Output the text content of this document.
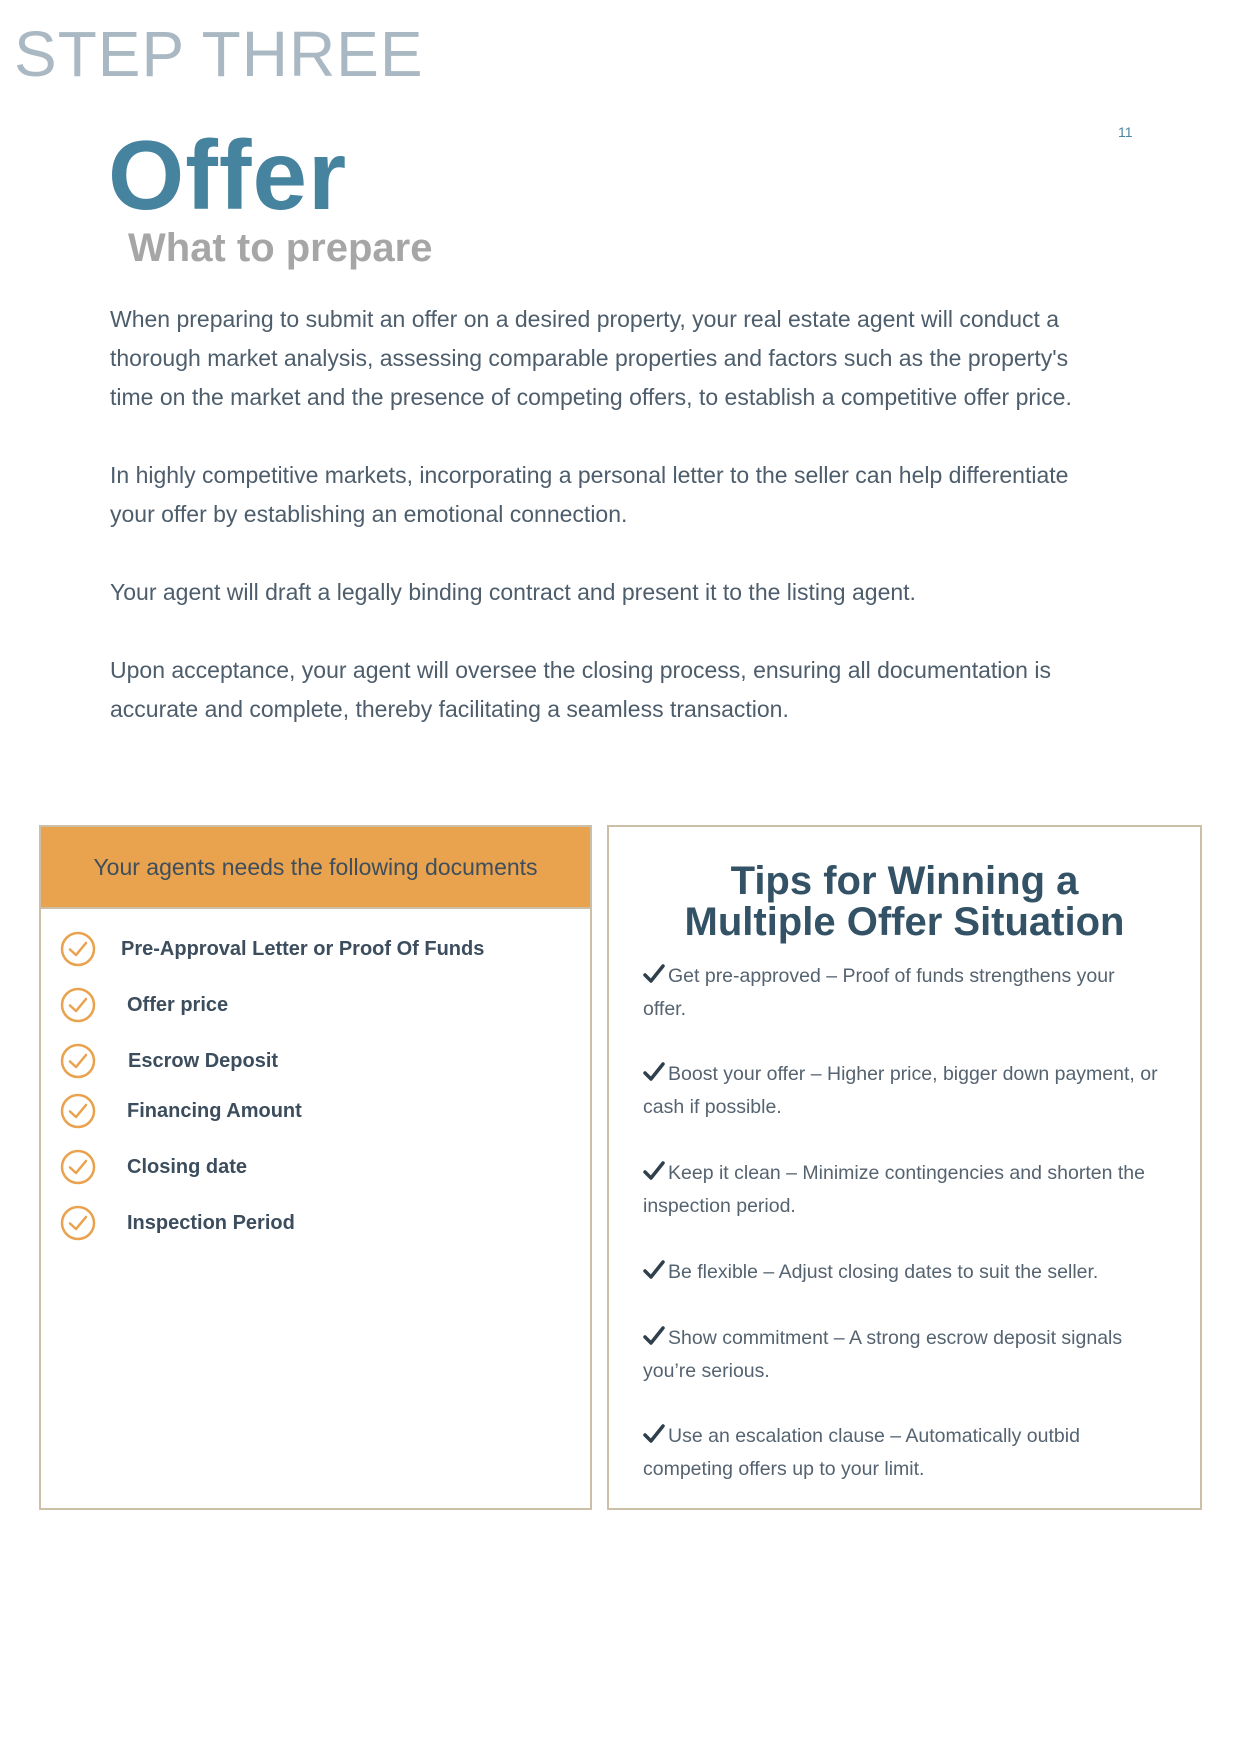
STEP THREE
11
Offer
What to prepare

When preparing to submit an offer on a desired property, your real estate agent will conduct a thorough market analysis, assessing comparable properties and factors such as the property's time on the market and the presence of competing offers, to establish a competitive offer price.

In highly competitive markets, incorporating a personal letter to the seller can help differentiate your offer by establishing an emotional connection.

Your agent will draft a legally binding contract and present it to the listing agent.

Upon acceptance, your agent will oversee the closing process, ensuring all documentation is accurate and complete, thereby facilitating a seamless transaction.

Your agents needs the following documents
Pre-Approval Letter or Proof Of Funds
Offer price
Escrow Deposit
Financing Amount
Closing date
Inspection Period
Tips for Winning a
Multiple Offer Situation
Get pre-approved – Proof of funds strengthens your offer.
Boost your offer – Higher price, bigger down payment, or cash if possible.
Keep it clean – Minimize contingencies and shorten the inspection period.
Be flexible – Adjust closing dates to suit the seller.
Show commitment – A strong escrow deposit signals you’re serious.
Use an escalation clause – Automatically outbid competing offers up to your limit.
